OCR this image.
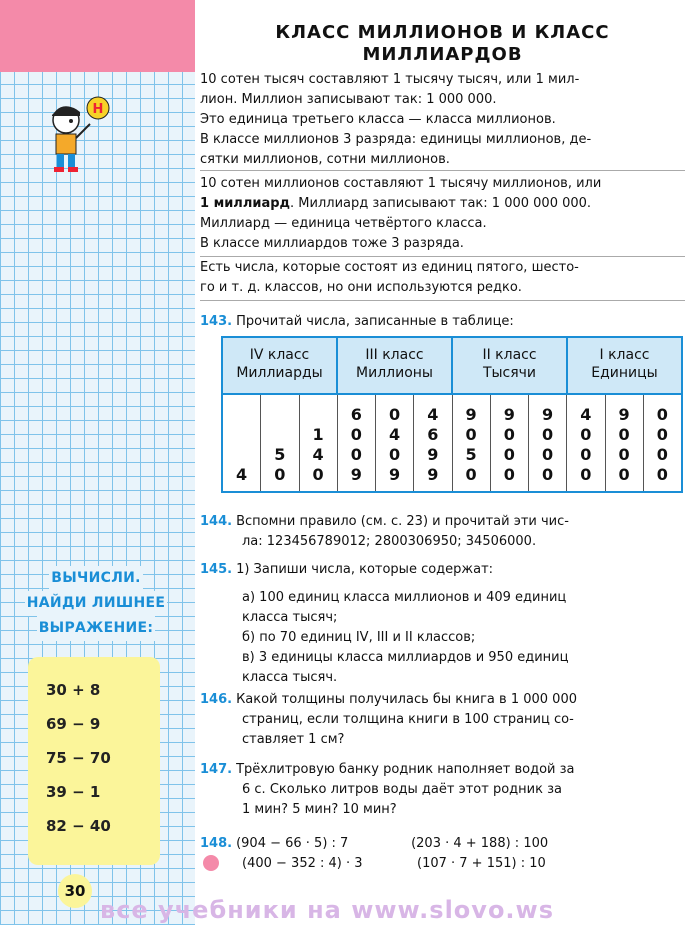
Н
ВЫЧИСЛИ.
НАЙДИ ЛИШНЕЕ
ВЫРАЖЕНИЕ:
30 + 8
69 − 9
75 − 70
39 − 1
82 − 40
30
КЛАСС МИЛЛИОНОВ И КЛАСС
МИЛЛИАРДОВ
10 сотен тысяч составляют 1 тысячу тысяч, или 1 мил-
лион. Миллион записывают так: 1 000 000.
Это единица третьего класса — класса миллионов.
В классе миллионов 3 разряда: единицы миллионов, де-
сятки миллионов, сотни миллионов.
10 сотен миллионов составляют 1 тысячу миллионов, или
1 миллиард. Миллиард записывают так: 1 000 000 000.
Миллиард — единица четвёртого класса.
В классе миллиардов тоже 3 разряда.
Есть числа, которые состоят из единиц пятого, шесто-
го и т. д. классов, но они используются редко.
143. Прочитай числа, записанные в таблице:
IV класс
Миллиарды
III класс
Миллионы
II класс
Тысячи
I класс
Единицы
4
5
0
1
4
0
6
0
0
9
0
4
0
9
4
6
9
9
9
0
5
0
9
0
0
0
9
0
0
0
4
0
0
0
9
0
0
0
0
0
0
0
144. Вспомни правило (см. с. 23) и прочитай эти чис-
ла: 123456789012; 2800306950; 34506000.
145. 1) Запиши числа, которые содержат:
а) 100 единиц класса миллионов и 409 единиц
класса тысяч;
б) по 70 единиц IV, III и II классов;
в) 3 единицы класса миллиардов и 950 единиц
класса тысяч.
146. Какой толщины получилась бы книга в 1 000 000
страниц, если толщина книги в 100 страниц со-
ставляет 1 см?
147. Трёхлитровую банку родник наполняет водой за
6 с. Сколько литров воды даёт этот родник за
1 мин? 5 мин? 10 мин?
148. (904 − 66 · 5) : 7	(203 · 4 + 188) : 100
(400 − 352 : 4) · 3	(107 · 7 + 151) : 10
все учебники на www.slovo.ws
